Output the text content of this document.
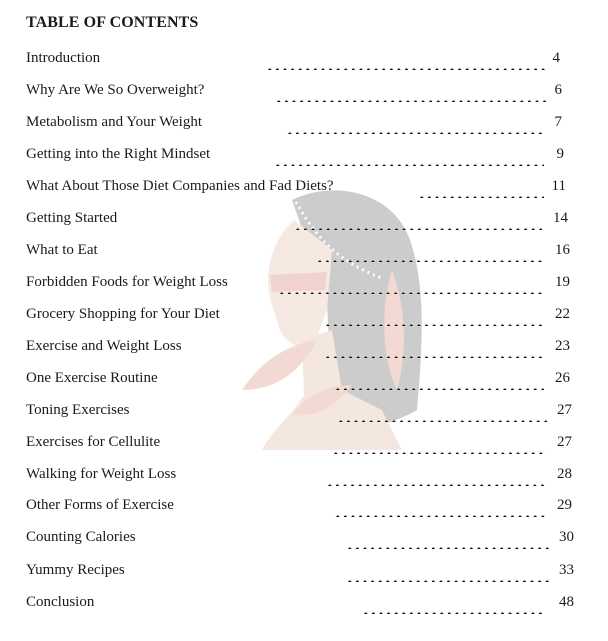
TABLE OF CONTENTS
Introduction	4
Why Are We So Overweight?	6
Metabolism and Your Weight	7
Getting into the Right Mindset	9
What About Those Diet Companies and Fad Diets?	11
Getting Started	14
What to Eat	16
Forbidden Foods for Weight Loss	19
Grocery Shopping for Your Diet	22
Exercise and Weight Loss	23
One Exercise Routine	26
Toning Exercises	27
Exercises for Cellulite	27
Walking for Weight Loss	28
Other Forms of Exercise	29
Counting Calories	30
Yummy Recipes	33
Conclusion	48
